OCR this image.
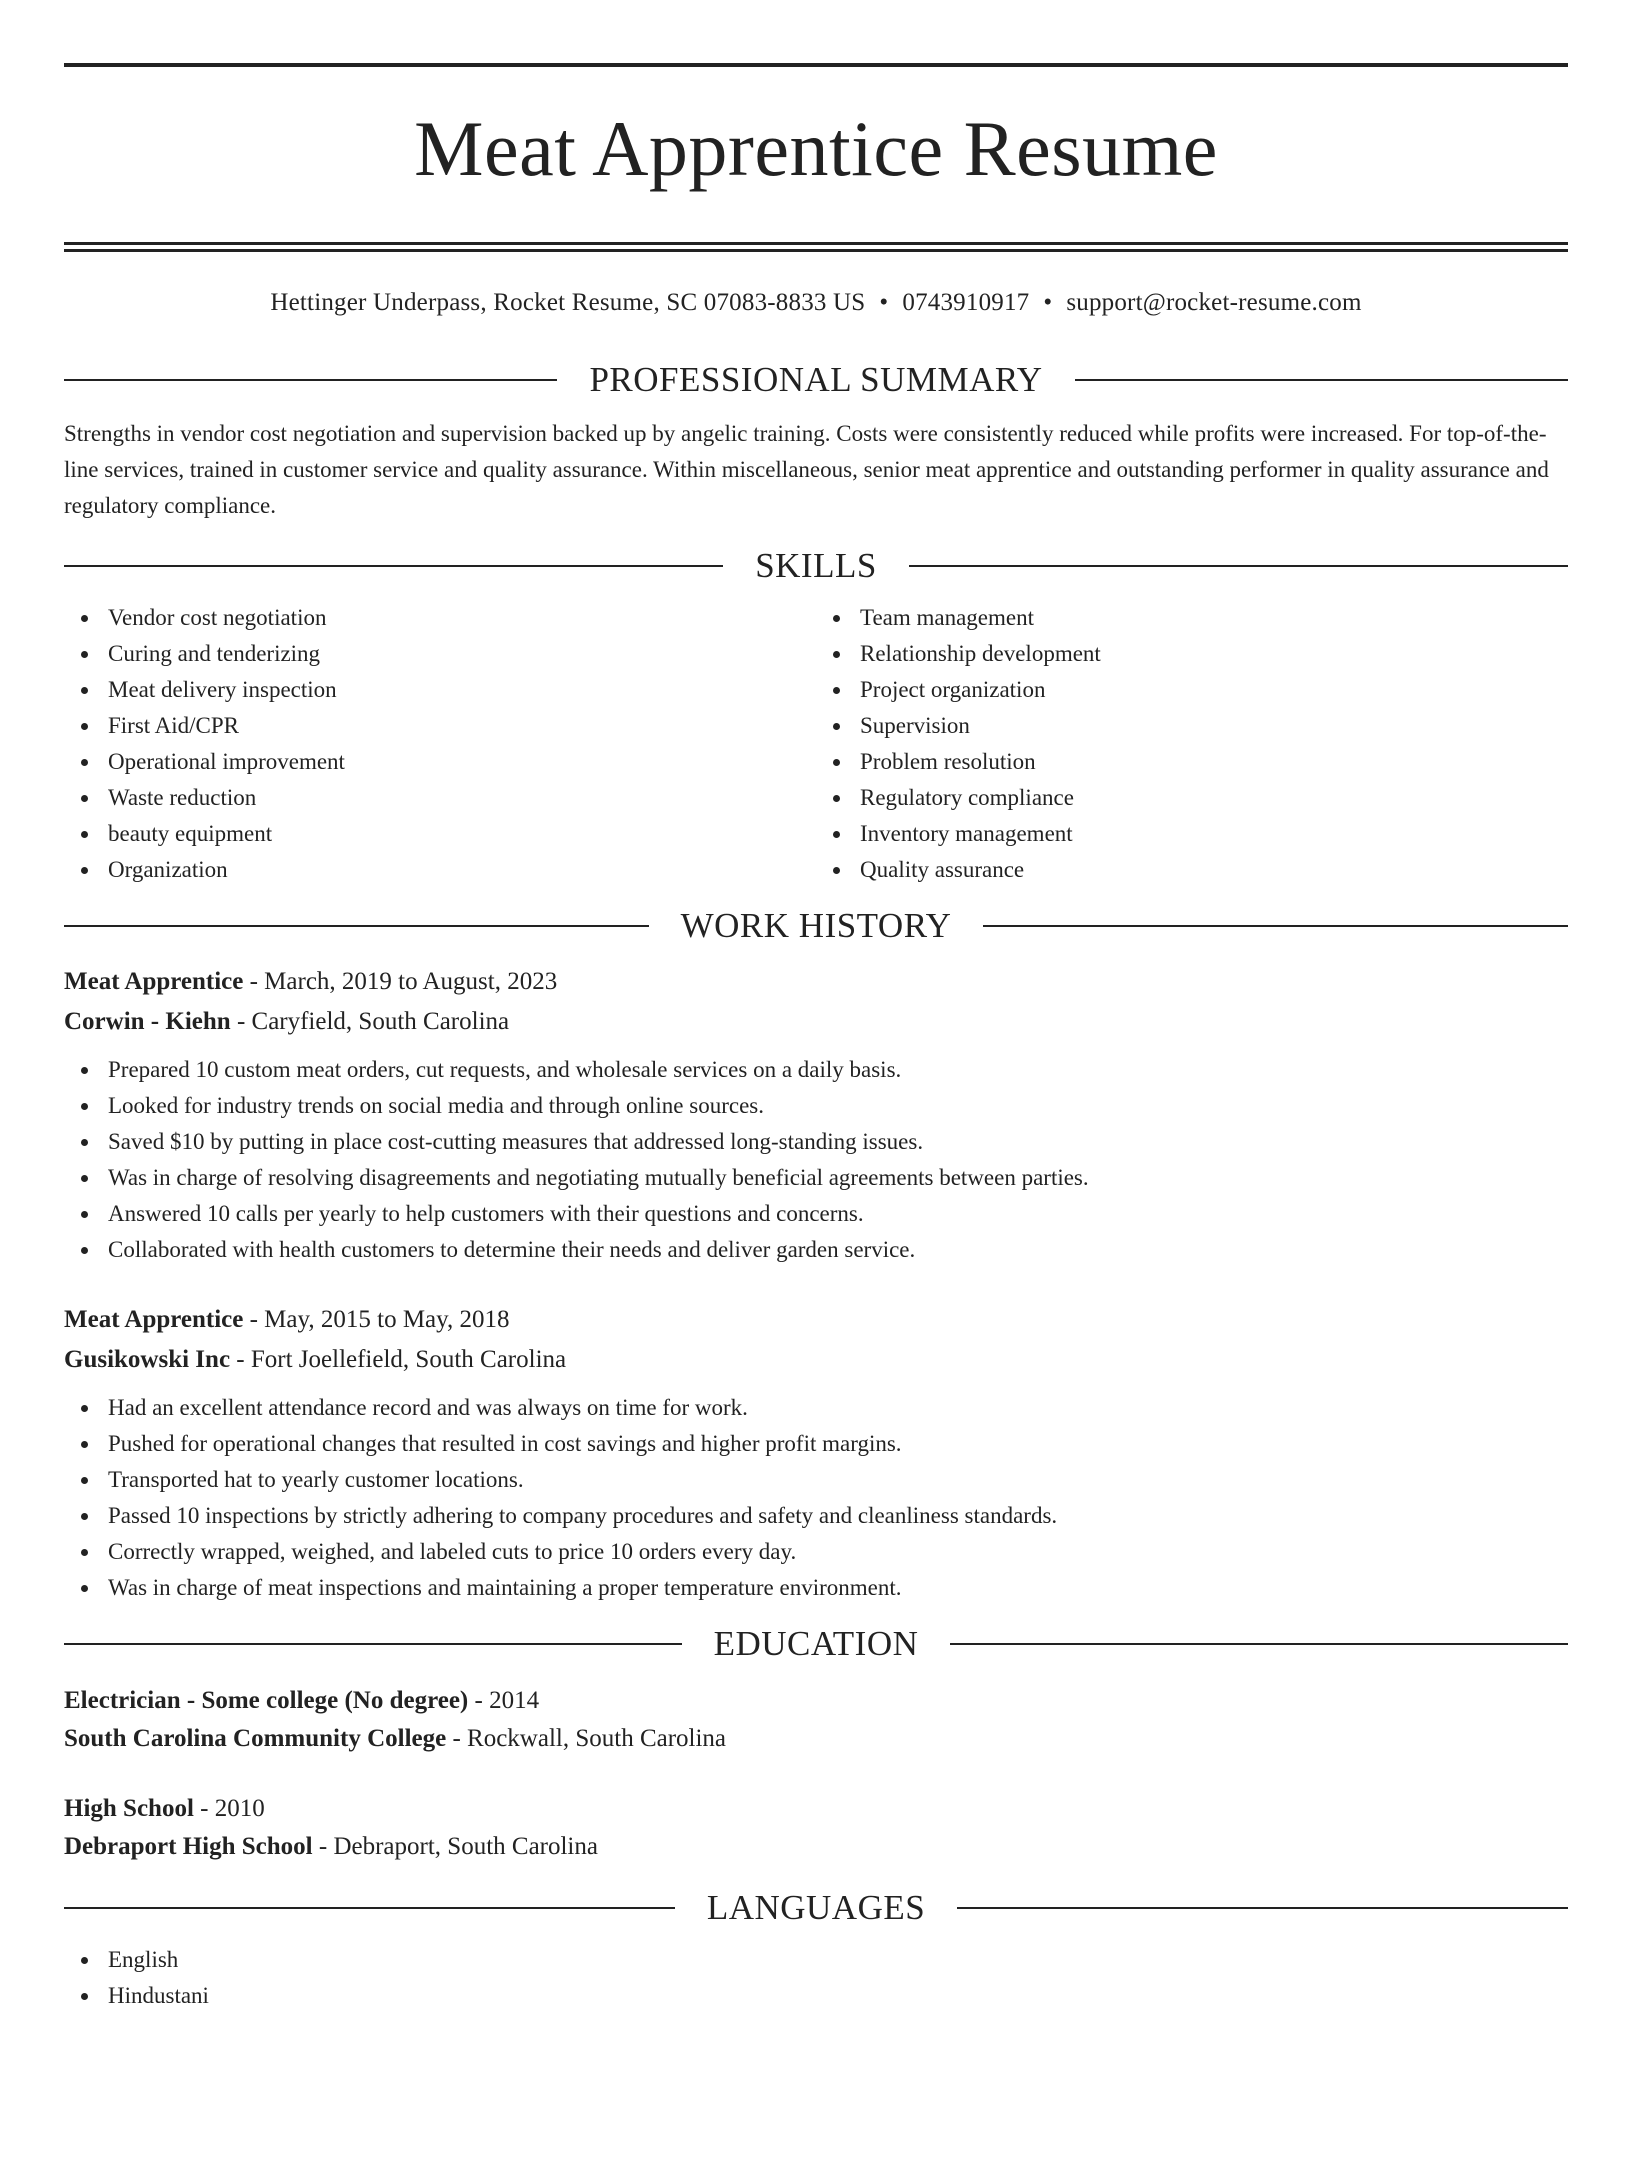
Meat Apprentice Resume
Hettinger Underpass, Rocket Resume, SC 07083-8833 US • 0743910917 • support@rocket-resume.com
PROFESSIONAL SUMMARY

Strengths in vendor cost negotiation and supervision backed up by angelic training. Costs were consistently reduced while profits were increased. For top-of-the-line services, trained in customer service and quality assurance. Within miscellaneous, senior meat apprentice and outstanding performer in quality assurance and regulatory compliance.

SKILLS
Vendor cost negotiation
Curing and tenderizing
Meat delivery inspection
First Aid/CPR
Operational improvement
Waste reduction
beauty equipment
Organization
Team management
Relationship development
Project organization
Supervision
Problem resolution
Regulatory compliance
Inventory management
Quality assurance
WORK HISTORY
Meat Apprentice - March, 2019 to August, 2023
Corwin - Kiehn - Caryfield, South Carolina
Prepared 10 custom meat orders, cut requests, and wholesale services on a daily basis.
Looked for industry trends on social media and through online sources.
Saved $10 by putting in place cost-cutting measures that addressed long-standing issues.
Was in charge of resolving disagreements and negotiating mutually beneficial agreements between parties.
Answered 10 calls per yearly to help customers with their questions and concerns.
Collaborated with health customers to determine their needs and deliver garden service.
Meat Apprentice - May, 2015 to May, 2018
Gusikowski Inc - Fort Joellefield, South Carolina
Had an excellent attendance record and was always on time for work.
Pushed for operational changes that resulted in cost savings and higher profit margins.
Transported hat to yearly customer locations.
Passed 10 inspections by strictly adhering to company procedures and safety and cleanliness standards.
Correctly wrapped, weighed, and labeled cuts to price 10 orders every day.
Was in charge of meat inspections and maintaining a proper temperature environment.
EDUCATION
Electrician - Some college (No degree) - 2014
South Carolina Community College - Rockwall, South Carolina
High School - 2010
Debraport High School - Debraport, South Carolina
LANGUAGES
English
Hindustani
